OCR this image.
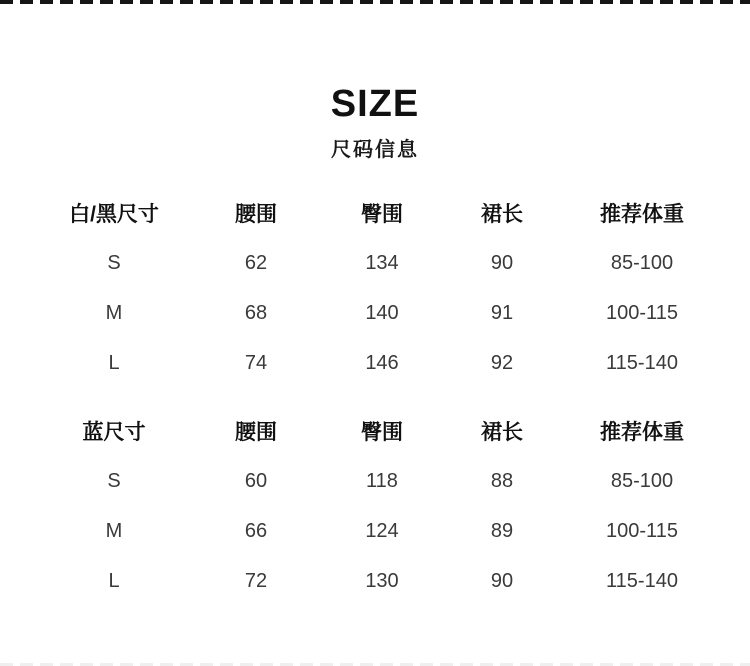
SIZE
尺码信息
白/黑尺寸	腰围	臀围	裙长	推荐体重
S	62	134	90	85-100
M	68	140	91	100-115
L	74	146	92	115-140
蓝尺寸	腰围	臀围	裙长	推荐体重
S	60	118	88	85-100
M	66	124	89	100-115
L	72	130	90	115-140
